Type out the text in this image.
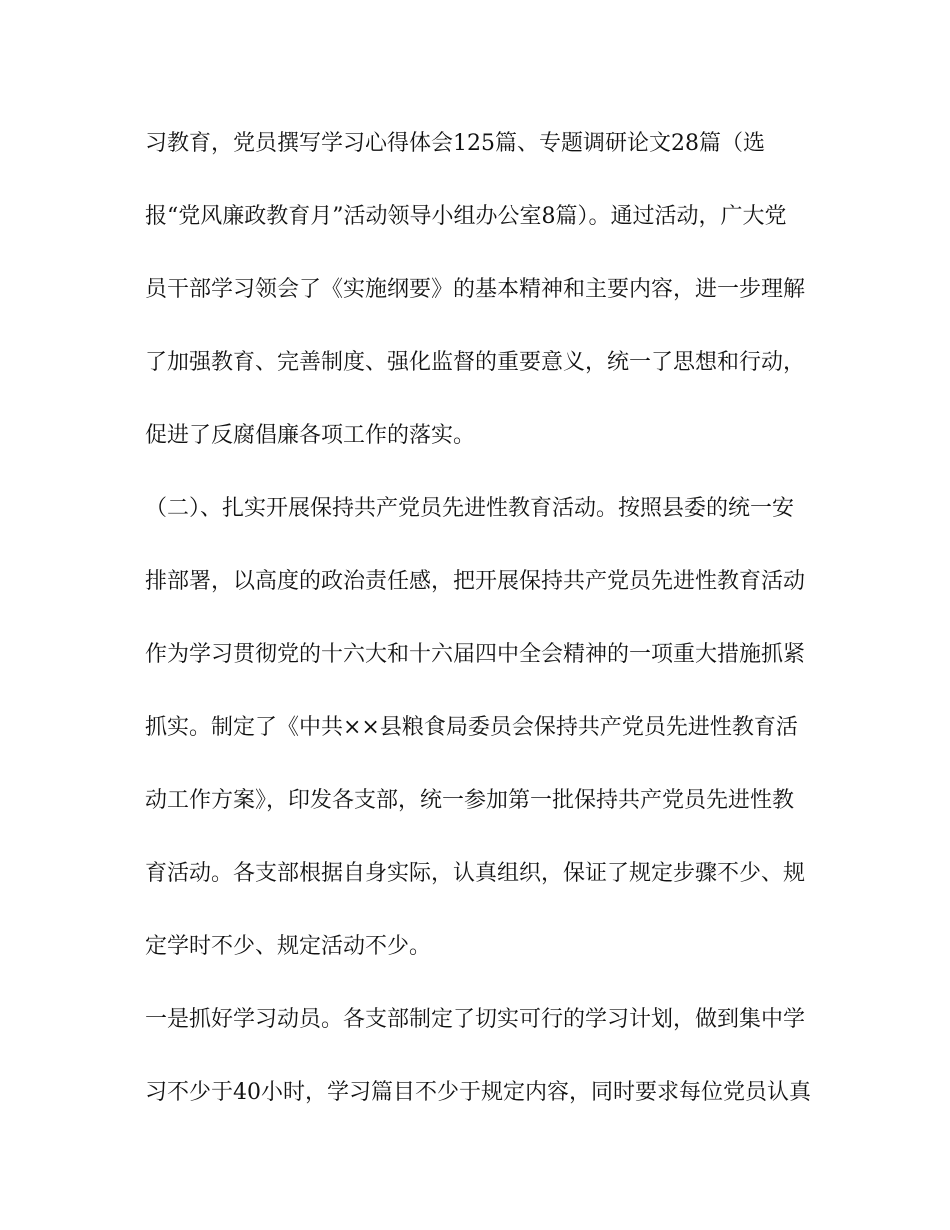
习教育，党员撰写学习心得体会125篇、专题调研论文28篇（选

报“党风廉政教育月”活动领导小组办公室8篇）。通过活动，广大党

员干部学习领会了《实施纲要》的基本精神和主要内容，进一步理解

了加强教育、完善制度、强化监督的重要意义，统一了思想和行动，

促进了反腐倡廉各项工作的落实。

（二）、扎实开展保持共产党员先进性教育活动。按照县委的统一安

排部署，以高度的政治责任感，把开展保持共产党员先进性教育活动

作为学习贯彻党的十六大和十六届四中全会精神的一项重大措施抓紧

抓实。制定了《中共××县粮食局委员会保持共产党员先进性教育活

动工作方案》，印发各支部，统一参加第一批保持共产党员先进性教

育活动。各支部根据自身实际，认真组织，保证了规定步骤不少、规

定学时不少、规定活动不少。

一是抓好学习动员。各支部制定了切实可行的学习计划，做到集中学

习不少于40小时，学习篇目不少于规定内容，同时要求每位党员认真
